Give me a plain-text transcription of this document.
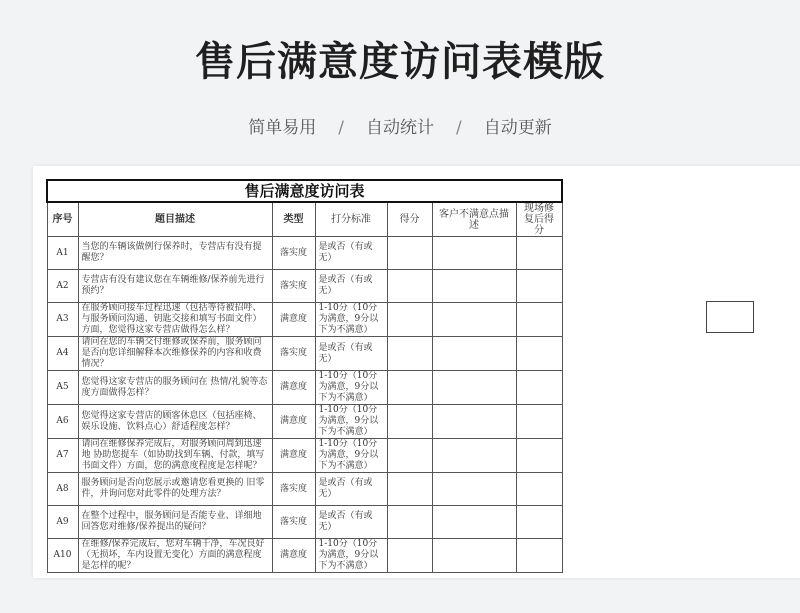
售后满意度访问表模版
简单易用 / 自动统计 / 自动更新
售后满意度访问表						
序号	题目描述	类型	打分标准	得分	客户不满意点描述	现场修复后得分
A1	当您的车辆该做例行保养时，专营店有没有提醒您？	落实度	是或否（有或无）			
A2	专营店有没有建议您在车辆维修/保养前先进行预约？	落实度	是或否（有或无）			
A3	在服务顾问接车过程迅速（包括等待被招呼、与服务顾问沟通、钥匙交接和填写书面文件）方面，您觉得这家专营店做得怎么样？	满意度	1-10分（10分为满意，9分以下为不满意）			
A4	请问在您的车辆交付维修或保养前，服务顾问是否向您详细解释本次维修保养的内容和收费情况？	落实度	是或否（有或无）			
A5	您觉得这家专营店的服务顾问在 热情/礼貌等态度方面做得怎样？	满意度	1-10分（10分为满意，9分以下为不满意）			
A6	您觉得这家专营店的顾客休息区（包括座椅、娱乐设施、饮料点心）舒适程度怎样？	满意度	1-10分（10分为满意，9分以下为不满意）			
A7	请问在维修保养完成后，对服务顾问周到迅速地 协助您提车（如协助找到车辆、付款，填写书面文件）方面，您的满意度程度是怎样呢？	满意度	1-10分（10分为满意，9分以下为不满意）			
A8	服务顾问是否向您展示或邀请您看更换的 旧零件，并询问您对此零件的处理方法？	落实度	是或否（有或无）			
A9	在整个过程中，服务顾问是否能专业、详细地回答您对维修/保养提出的疑问？	落实度	是或否（有或无）			
A10	在维修/保养完成后，您对车辆干净，车况良好（无损坏，车内设置无变化）方面的满意程度是怎样的呢？	满意度	1-10分（10分为满意，9分以下为不满意）			
